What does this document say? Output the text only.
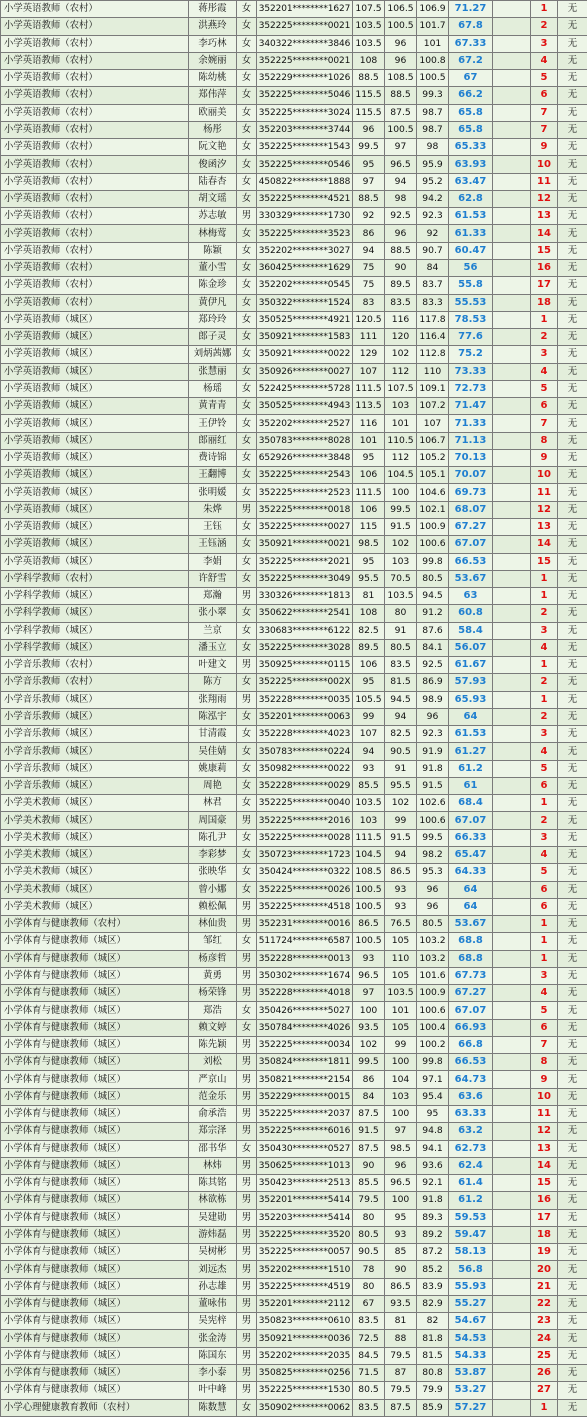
小学英语教师（农村）	蒋彤霞	女	352201********1627	107.5	106.5	106.9	71.27		1	无
小学英语教师（农村）	洪燕玲	女	352225********0021	103.5	100.5	101.7	67.8		2	无
小学英语教师（农村）	李巧林	女	340322********3846	103.5	96	101	67.33		3	无
小学英语教师（农村）	余婉丽	女	352225********0021	108	96	100.8	67.2		4	无
小学英语教师（农村）	陈幼桃	女	352229********1026	88.5	108.5	100.5	67		5	无
小学英语教师（农村）	郑伟萍	女	352225********5046	115.5	88.5	99.3	66.2		6	无
小学英语教师（农村）	欧丽美	女	352225********3024	115.5	87.5	98.7	65.8		7	无
小学英语教师（农村）	杨彤	女	352203********3744	96	100.5	98.7	65.8		7	无
小学英语教师（农村）	阮文艳	女	352225********1543	99.5	97	98	65.33		9	无
小学英语教师（农村）	俊函汐	女	352225********0546	95	96.5	95.9	63.93		10	无
小学英语教师（农村）	陆春杏	女	450822********1888	97	94	95.2	63.47		11	无
小学英语教师（农村）	胡文瑶	女	352225********4521	88.5	98	94.2	62.8		12	无
小学英语教师（农村）	苏志敏	男	330329********1730	92	92.5	92.3	61.53		13	无
小学英语教师（农村）	林梅莺	女	352225********3523	86	96	92	61.33		14	无
小学英语教师（农村）	陈颖	女	352202********3027	94	88.5	90.7	60.47		15	无
小学英语教师（农村）	董小雪	女	360425********1629	75	90	84	56		16	无
小学英语教师（农村）	陈金珍	女	352202********0545	75	89.5	83.7	55.8		17	无
小学英语教师（农村）	黄伊凡	女	350322********1524	83	83.5	83.3	55.53		18	无
小学英语教师（城区）	郑玲玲	女	350525********4921	120.5	116	117.8	78.53		1	无
小学英语教师（城区）	郎子灵	女	350921********1583	111	120	116.4	77.6		2	无
小学英语教师（城区）	刘炳茜娜	女	350921********0022	129	102	112.8	75.2		3	无
小学英语教师（城区）	张慧丽	女	350926********0027	107	112	110	73.33		4	无
小学英语教师（城区）	杨瑶	女	522425********5728	111.5	107.5	109.1	72.73		5	无
小学英语教师（城区）	黄青青	女	350525********4943	113.5	103	107.2	71.47		6	无
小学英语教师（城区）	王伊铃	女	352202********2527	116	101	107	71.33		7	无
小学英语教师（城区）	郎丽红	女	350783********8028	101	110.5	106.7	71.13		8	无
小学英语教师（城区）	费诗锦	女	652926********3848	95	112	105.2	70.13		9	无
小学英语教师（城区）	王翻博	女	352225********2543	106	104.5	105.1	70.07		10	无
小学英语教师（城区）	张明媛	女	352225********2523	111.5	100	104.6	69.73		11	无
小学英语教师（城区）	朱烨	男	352225********0018	106	99.5	102.1	68.07		12	无
小学英语教师（城区）	王钰	女	352225********0027	115	91.5	100.9	67.27		13	无
小学英语教师（城区）	王钰涵	女	350921********0021	98.5	102	100.6	67.07		14	无
小学英语教师（城区）	李娟	女	352225********2021	95	103	99.8	66.53		15	无
小学科学教师（农村）	许舒雪	女	352225********3049	95.5	70.5	80.5	53.67		1	无
小学科学教师（城区）	郑瀚	男	330326********1813	81	103.5	94.5	63		1	无
小学科学教师（城区）	张小翠	女	350622********2541	108	80	91.2	60.8		2	无
小学科学教师（城区）	兰京	女	330683********6122	82.5	91	87.6	58.4		3	无
小学科学教师（城区）	潘玉立	女	352225********3028	89.5	80.5	84.1	56.07		4	无
小学音乐教师（农村）	叶建文	男	350925********0115	106	83.5	92.5	61.67		1	无
小学音乐教师（农村）	陈方	女	352225********002X	95	81.5	86.9	57.93		2	无
小学音乐教师（城区）	张翔雨	男	352228********0035	105.5	94.5	98.9	65.93		1	无
小学音乐教师（城区）	陈泓宇	女	352201********0063	99	94	96	64		2	无
小学音乐教师（城区）	甘清霞	女	352228********4023	107	82.5	92.3	61.53		3	无
小学音乐教师（城区）	吴佳婧	女	350783********0224	94	90.5	91.9	61.27		4	无
小学音乐教师（城区）	姚康莉	女	350982********0022	93	91	91.8	61.2		5	无
小学音乐教师（城区）	周艳	女	352228********0029	85.5	95.5	91.5	61		6	无
小学美术教师（城区）	林君	女	352225********0040	103.5	102	102.6	68.4		1	无
小学美术教师（城区）	周国豪	男	352225********2016	103	99	100.6	67.07		2	无
小学美术教师（城区）	陈孔尹	女	352225********0028	111.5	91.5	99.5	66.33		3	无
小学美术教师（城区）	李彩梦	女	350723********1723	104.5	94	98.2	65.47		4	无
小学美术教师（城区）	张映华	女	350424********0322	108.5	86.5	95.3	64.33		5	无
小学美术教师（城区）	曾小娜	女	352225********0026	100.5	93	96	64		6	无
小学美术教师（城区）	赖松佩	男	352225********4518	100.5	93	96	64		6	无
小学体育与健康教师（农村）	林仙贵	男	352231********0016	86.5	76.5	80.5	53.67		1	无
小学体育与健康教师（城区）	邹红	女	511724********6587	100.5	105	103.2	68.8		1	无
小学体育与健康教师（城区）	杨彦哲	男	352228********0013	93	110	103.2	68.8		1	无
小学体育与健康教师（城区）	黄勇	男	350302********1674	96.5	105	101.6	67.73		3	无
小学体育与健康教师（城区）	杨荣锋	男	352228********4018	97	103.5	100.9	67.27		4	无
小学体育与健康教师（城区）	郑浩	女	350426********5027	100	101	100.6	67.07		5	无
小学体育与健康教师（城区）	赖文婷	女	350784********4026	93.5	105	100.4	66.93		6	无
小学体育与健康教师（城区）	陈先颖	男	352225********0034	102	99	100.2	66.8		7	无
小学体育与健康教师（城区）	刘松	男	350824********1811	99.5	100	99.8	66.53		8	无
小学体育与健康教师（城区）	严京山	男	350821********2154	86	104	97.1	64.73		9	无
小学体育与健康教师（城区）	范金乐	男	352229********0015	84	103	95.4	63.6		10	无
小学体育与健康教师（城区）	俞承浩	男	352225********2037	87.5	100	95	63.33		11	无
小学体育与健康教师（城区）	郑宗泽	男	352225********6016	91.5	97	94.8	63.2		12	无
小学体育与健康教师（城区）	邵书华	女	350430********0527	87.5	98.5	94.1	62.73		13	无
小学体育与健康教师（城区）	林炜	男	350625********1013	90	96	93.6	62.4		14	无
小学体育与健康教师（城区）	陈其铭	男	350423********2513	85.5	96.5	92.1	61.4		15	无
小学体育与健康教师（城区）	林欲栋	男	352201********5414	79.5	100	91.8	61.2		16	无
小学体育与健康教师（城区）	吴建勋	男	352203********5414	80	95	89.3	59.53		17	无
小学体育与健康教师（城区）	游炜磊	男	352225********3520	80.5	93	89.2	59.47		18	无
小学体育与健康教师（城区）	吴树彬	男	352225********0057	90.5	85	87.2	58.13		19	无
小学体育与健康教师（城区）	刘远杰	男	352202********1510	78	90	85.2	56.8		20	无
小学体育与健康教师（城区）	孙志雄	男	352225********4519	80	86.5	83.9	55.93		21	无
小学体育与健康教师（城区）	董咏伟	男	352201********2112	67	93.5	82.9	55.27		22	无
小学体育与健康教师（城区）	吴宪梓	男	350823********0610	83.5	81	82	54.67		23	无
小学体育与健康教师（城区）	张金涛	男	350921********0036	72.5	88	81.8	54.53		24	无
小学体育与健康教师（城区）	陈国东	男	352202********2035	84.5	79.5	81.5	54.33		25	无
小学体育与健康教师（城区）	李小泰	男	350825********0256	71.5	87	80.8	53.87		26	无
小学体育与健康教师（城区）	叶中峰	男	352225********1530	80.5	79.5	79.9	53.27		27	无
小学心理健康教育教师（农村）	陈数慧	女	350902********0062	83.5	87.5	85.9	57.27		1	无
